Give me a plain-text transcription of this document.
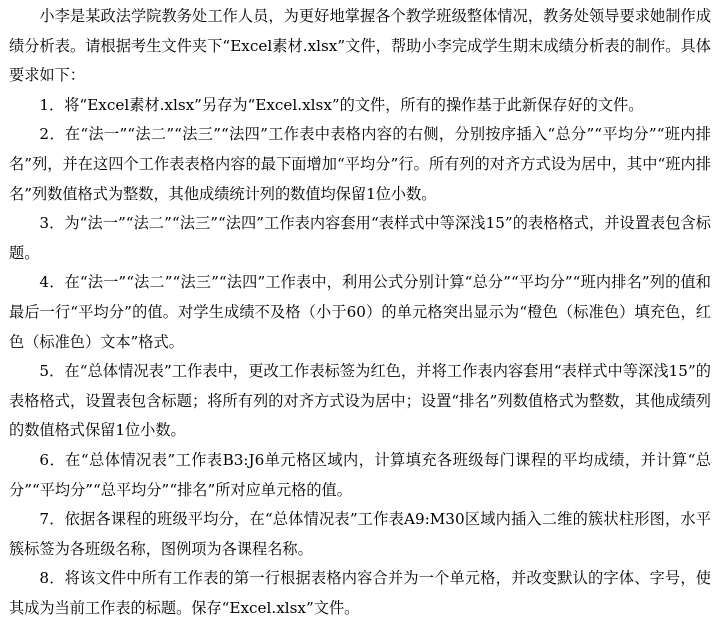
小李是某政法学院教务处工作人员，为更好地掌握各个教学班级整体情况，教务处领导要求她制作成绩分析表。请根据考生文件夹下“Excel素材.xlsx”文件，帮助小李完成学生期末成绩分析表的制作。具体要求如下：

1．将“Excel素材.xlsx”另存为“Excel.xlsx”的文件，所有的操作基于此新保存好的文件。

2．在“法一”“法二”“法三”“法四”工作表中表格内容的右侧，分别按序插入“总分”“平均分”“班内排名”列，并在这四个工作表表格内容的最下面增加“平均分”行。所有列的对齐方式设为居中，其中“班内排名”列数值格式为整数，其他成绩统计列的数值均保留1位小数。

3．为“法一”“法二”“法三”“法四”工作表内容套用“表样式中等深浅15”的表格格式，并设置表包含标题。

4．在“法一”“法二”“法三”“法四”工作表中，利用公式分别计算“总分”“平均分”“班内排名”列的值和最后一行“平均分”的值。对学生成绩不及格（小于60）的单元格突出显示为“橙色（标准色）填充色，红色（标准色）文本”格式。

5．在“总体情况表”工作表中，更改工作表标签为红色，并将工作表内容套用“表样式中等深浅15”的表格格式，设置表包含标题；将所有列的对齐方式设为居中；设置“排名”列数值格式为整数，其他成绩列的数值格式保留1位小数。

6．在“总体情况表”工作表B3:J6单元格区域内，计算填充各班级每门课程的平均成绩，并计算“总分”“平均分”“总平均分”“排名”所对应单元格的值。

7．依据各课程的班级平均分，在“总体情况表”工作表A9:M30区域内插入二维的簇状柱形图，水平簇标签为各班级名称，图例项为各课程名称。

8．将该文件中所有工作表的第一行根据表格内容合并为一个单元格，并改变默认的字体、字号，使其成为当前工作表的标题。保存“Excel.xlsx”文件。
